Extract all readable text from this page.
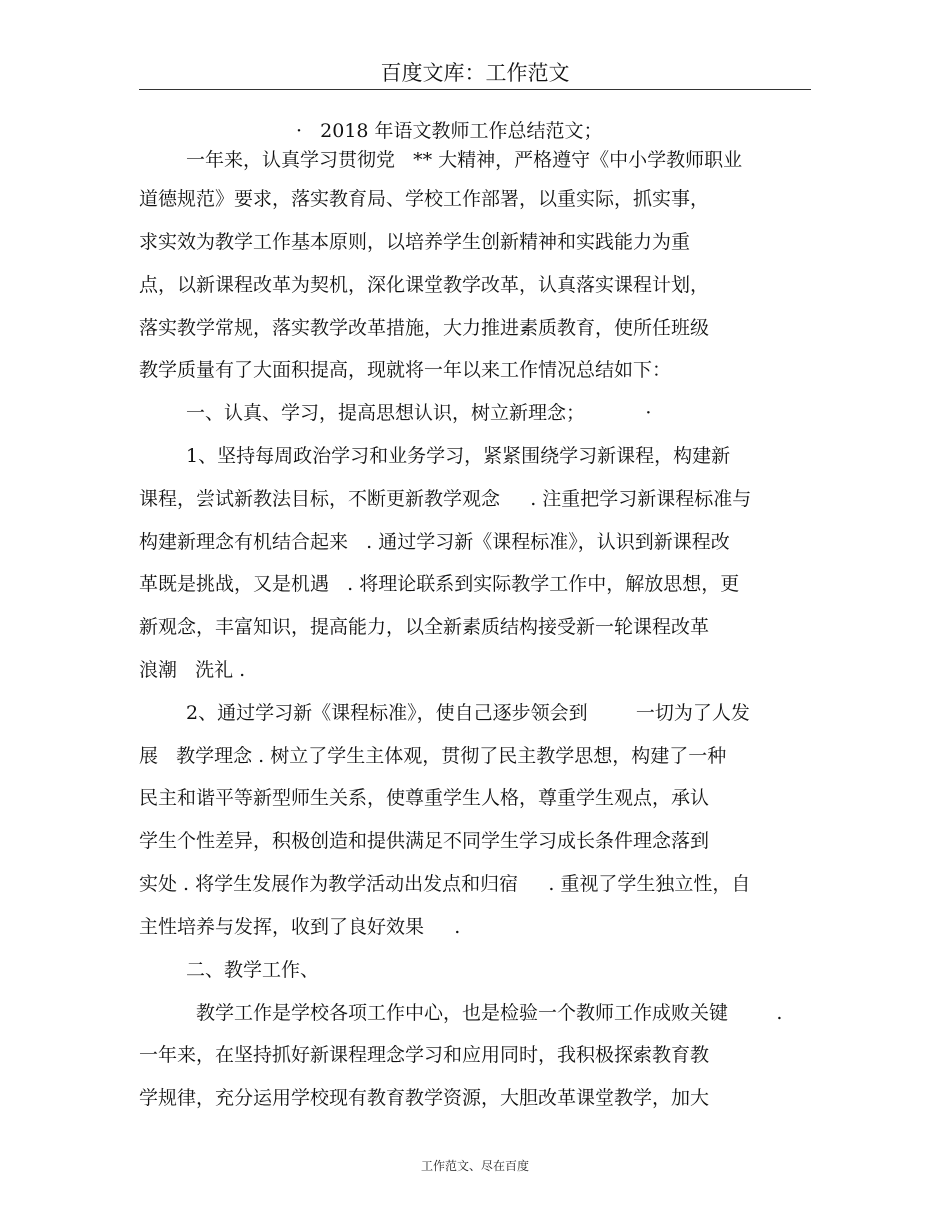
百度文库：工作范文
·   2018 年语文教师工作总结范文；
一年来，认真学习贯彻党   ** 大精神，严格遵守《中小学教师职业
道德规范》要求，落实教育局、学校工作部署，以重实际，抓实事，
求实效为教学工作基本原则，以培养学生创新精神和实践能力为重
点，以新课程改革为契机，深化课堂教学改革，认真落实课程计划，
落实教学常规，落实教学改革措施，大力推进素质教育，使所任班级
教学质量有了大面积提高，现就将一年以来工作情况总结如下：
一、认真、学习，提高思想认识，树立新理念；          ·
1、坚持每周政治学习和业务学习，紧紧围绕学习新课程，构建新
课程，尝试新教法目标，不断更新教学观念     . 注重把学习新课程标准与
构建新理念有机结合起来   . 通过学习新《课程标准》，认识到新课程改
革既是挑战，又是机遇   . 将理论联系到实际教学工作中，解放思想，更
新观念，丰富知识，提高能力，以全新素质结构接受新一轮课程改革
浪潮   洗礼 .
2、通过学习新《课程标准》，使自己逐步领会到        一切为了人发
展   教学理念 . 树立了学生主体观，贯彻了民主教学思想，构建了一种
民主和谐平等新型师生关系，使尊重学生人格，尊重学生观点，承认
学生个性差异，积极创造和提供满足不同学生学习成长条件理念落到
实处 . 将学生发展作为教学活动出发点和归宿     . 重视了学生独立性，自
主性培养与发挥，收到了良好效果     .
二、教学工作、
教学工作是学校各项工作中心，也是检验一个教师工作成败关键        .
一年来，在坚持抓好新课程理念学习和应用同时，我积极探索教育教
学规律，充分运用学校现有教育教学资源，大胆改革课堂教学，加大
工作范文、尽在百度
